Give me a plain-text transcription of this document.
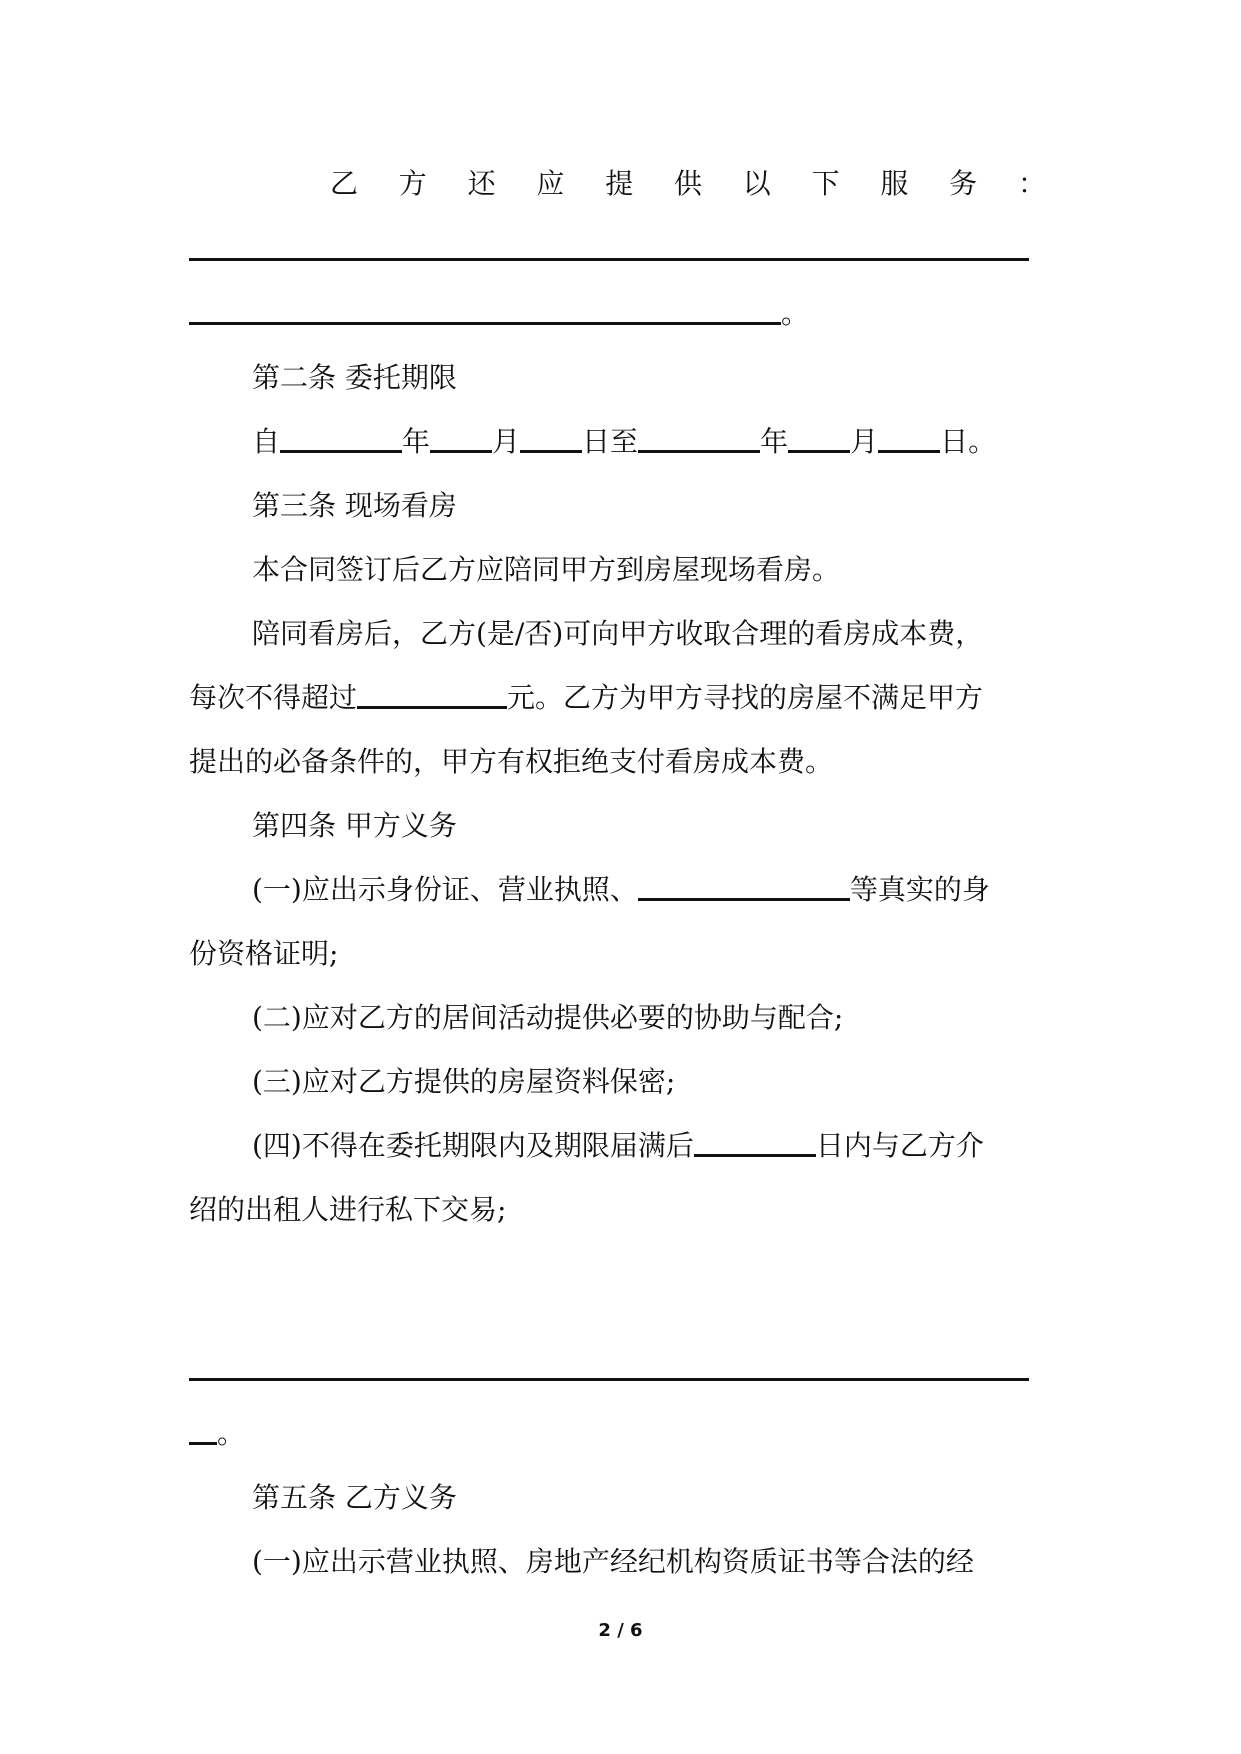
乙 方 还 应 提 供 以 下 服 务 ：
。
第二条 委托期限
自	年 月 日至	年 月 日。
第三条 现场看房
本合同签订后乙方应陪同甲方到房屋现场看房。
陪同看房后，乙方(是/否)可向甲方收取合理的看房成本费，
每次不得超过	元。乙方为甲方寻找的房屋不满足甲方
提出的必备条件的，甲方有权拒绝支付看房成本费。
第四条 甲方义务
(一)应出示身份证、营业执照、	等真实的身
份资格证明;
(二)应对乙方的居间活动提供必要的协助与配合;
(三)应对乙方提供的房屋资料保密;
(四)不得在委托期限内及期限届满后	日内与乙方介
绍的出租人进行私下交易;
。
第五条 乙方义务
(一)应出示营业执照、房地产经纪机构资质证书等合法的经
2 / 6
